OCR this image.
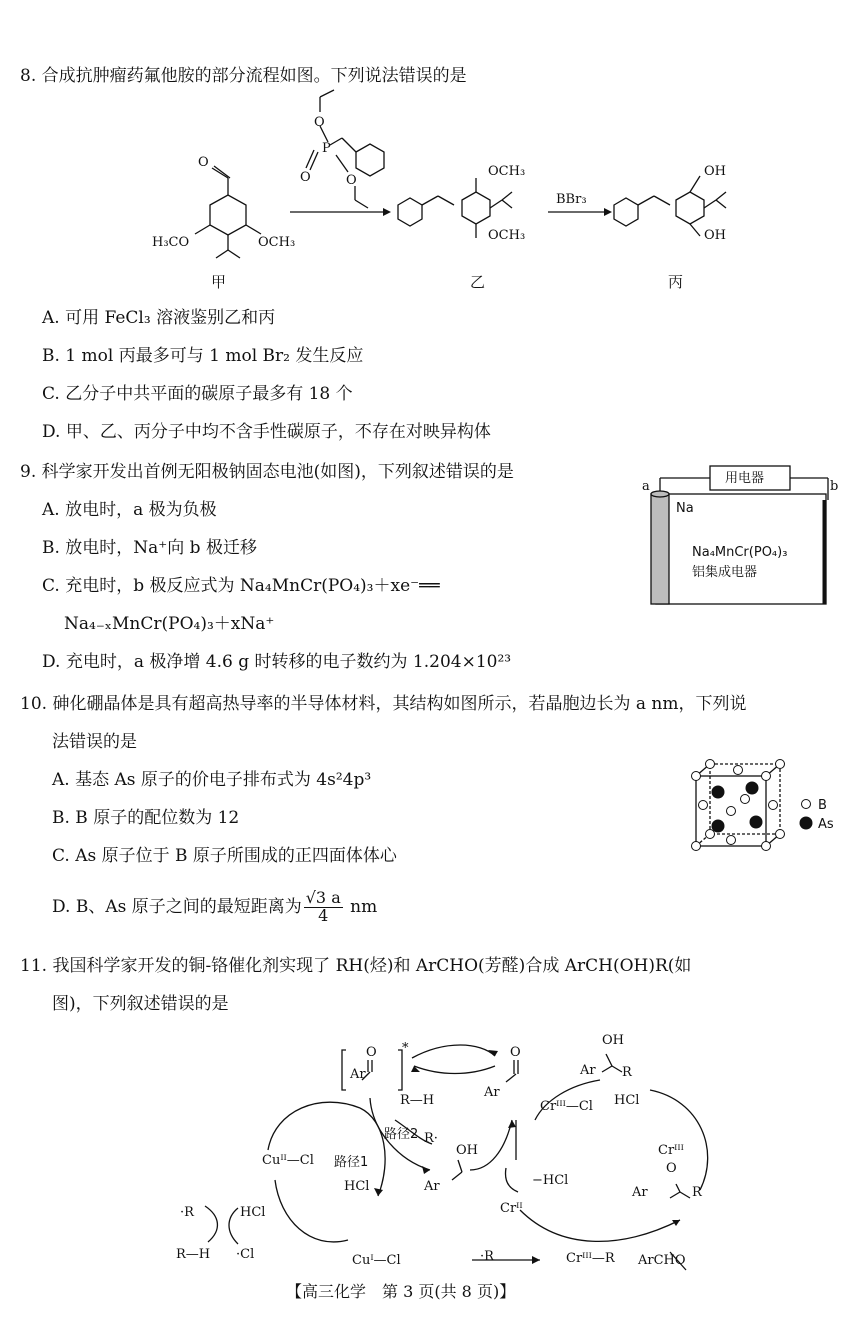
8. 合成抗肿瘤药氟他胺的部分流程如图。下列说法错误的是
O
H₃CO	OCH₃
O
P
O	O
OCH₃
OCH₃
BBr₃
OH
OH
甲	乙	丙
A. 可用 FeCl₃ 溶液鉴别乙和丙
B. 1 mol 丙最多可与 1 mol Br₂ 发生反应
C. 乙分子中共平面的碳原子最多有 18 个
D. 甲、乙、丙分子中均不含手性碳原子，不存在对映异构体
9. 科学家开发出首例无阳极钠固态电池(如图)，下列叙述错误的是
A. 放电时，a 极为负极
B. 放电时，Na⁺向 b 极迁移
C. 充电时，b 极反应式为 Na₄MnCr(PO₄)₃＋xe⁻══
Na₄₋ₓMnCr(PO₄)₃＋xNa⁺
D. 充电时，a 极净增 4.6 g 时转移的电子数约为 1.204×10²³
用电器
a	b
Na
Na₄MnCr(PO₄)₃
铝集成电器
10. 砷化硼晶体是具有超高热导率的半导体材料，其结构如图所示，若晶胞边长为 a nm，下列说
法错误的是
A. 基态 As 原子的价电子排布式为 4s²4p³
B. B 原子的配位数为 12
C. As 原子位于 B 原子所围成的正四面体体心
D. B、As 原子之间的最短距离为 $\frac{√3 a}{4}$ nm
B
As
11. 我国科学家开发的铜-铬催化剂实现了 RH(烃)和 ArCHO(芳醛)合成 ArCH(OH)R(如
图)，下列叙述错误的是
Ar
O *	O
Ar
OH
Ar R
R—H
R·
路径2
路径1
HCl
Cuᴵᴵ—Cl
Cuᴵ—Cl
·R	HCl
R—H ·Cl
OH
Ar	−HCl
Crᴵᴵ
·R	Crᴵᴵᴵ—R ArCHO
Crᴵᴵᴵ—Cl HCl
Crᴵᴵᴵ
O
Ar	R
【高三化学　第 3 页(共 8 页)】
